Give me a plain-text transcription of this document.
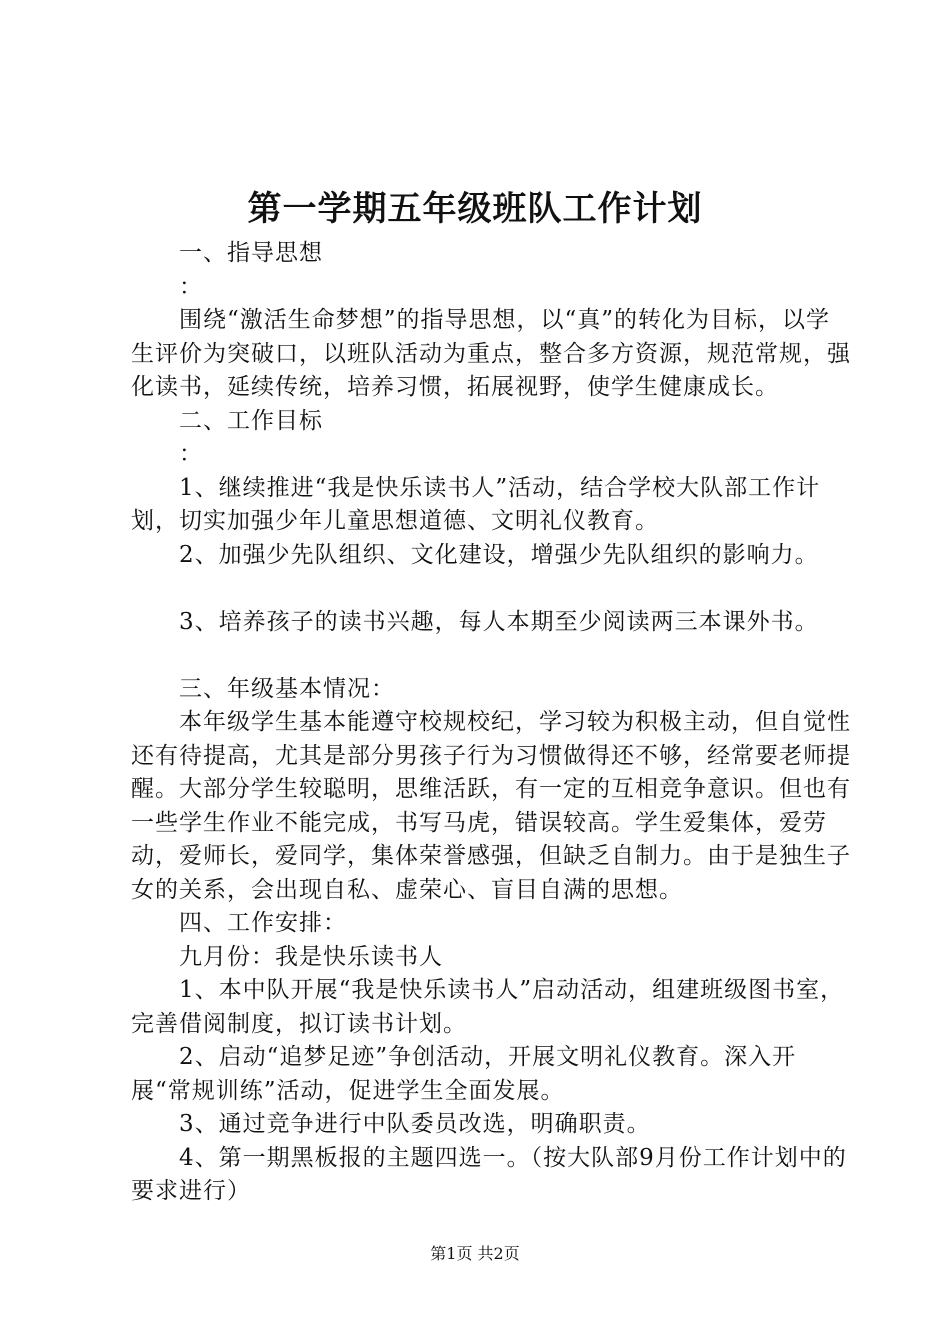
第一学期五年级班队工作计划

一、指导思想

：

围绕“激活生命梦想”的指导思想，以“真”的转化为目标，以学生评价为突破口，以班队活动为重点，整合多方资源，规范常规，强化读书，延续传统，培养习惯，拓展视野，使学生健康成长。

二、工作目标

：

1、继续推进“我是快乐读书人”活动，结合学校大队部工作计划，切实加强少年儿童思想道德、文明礼仪教育。

2、加强少先队组织、文化建设，增强少先队组织的影响力。

3、培养孩子的读书兴趣，每人本期至少阅读两三本课外书。

三、年级基本情况：

本年级学生基本能遵守校规校纪，学习较为积极主动，但自觉性还有待提高，尤其是部分男孩子行为习惯做得还不够，经常要老师提醒。大部分学生较聪明，思维活跃，有一定的互相竞争意识。但也有一些学生作业不能完成，书写马虎，错误较高。学生爱集体，爱劳动，爱师长，爱同学，集体荣誉感强，但缺乏自制力。由于是独生子女的关系，会出现自私、虚荣心、盲目自满的思想。

四、工作安排：

九月份：我是快乐读书人

1、本中队开展“我是快乐读书人”启动活动，组建班级图书室，完善借阅制度，拟订读书计划。

2、启动“追梦足迹”争创活动，开展文明礼仪教育。深入开展“常规训练”活动，促进学生全面发展。

3、通过竞争进行中队委员改选，明确职责。

4、第一期黑板报的主题四选一。（按大队部9月份工作计划中的要求进行）

第1页 共2页
